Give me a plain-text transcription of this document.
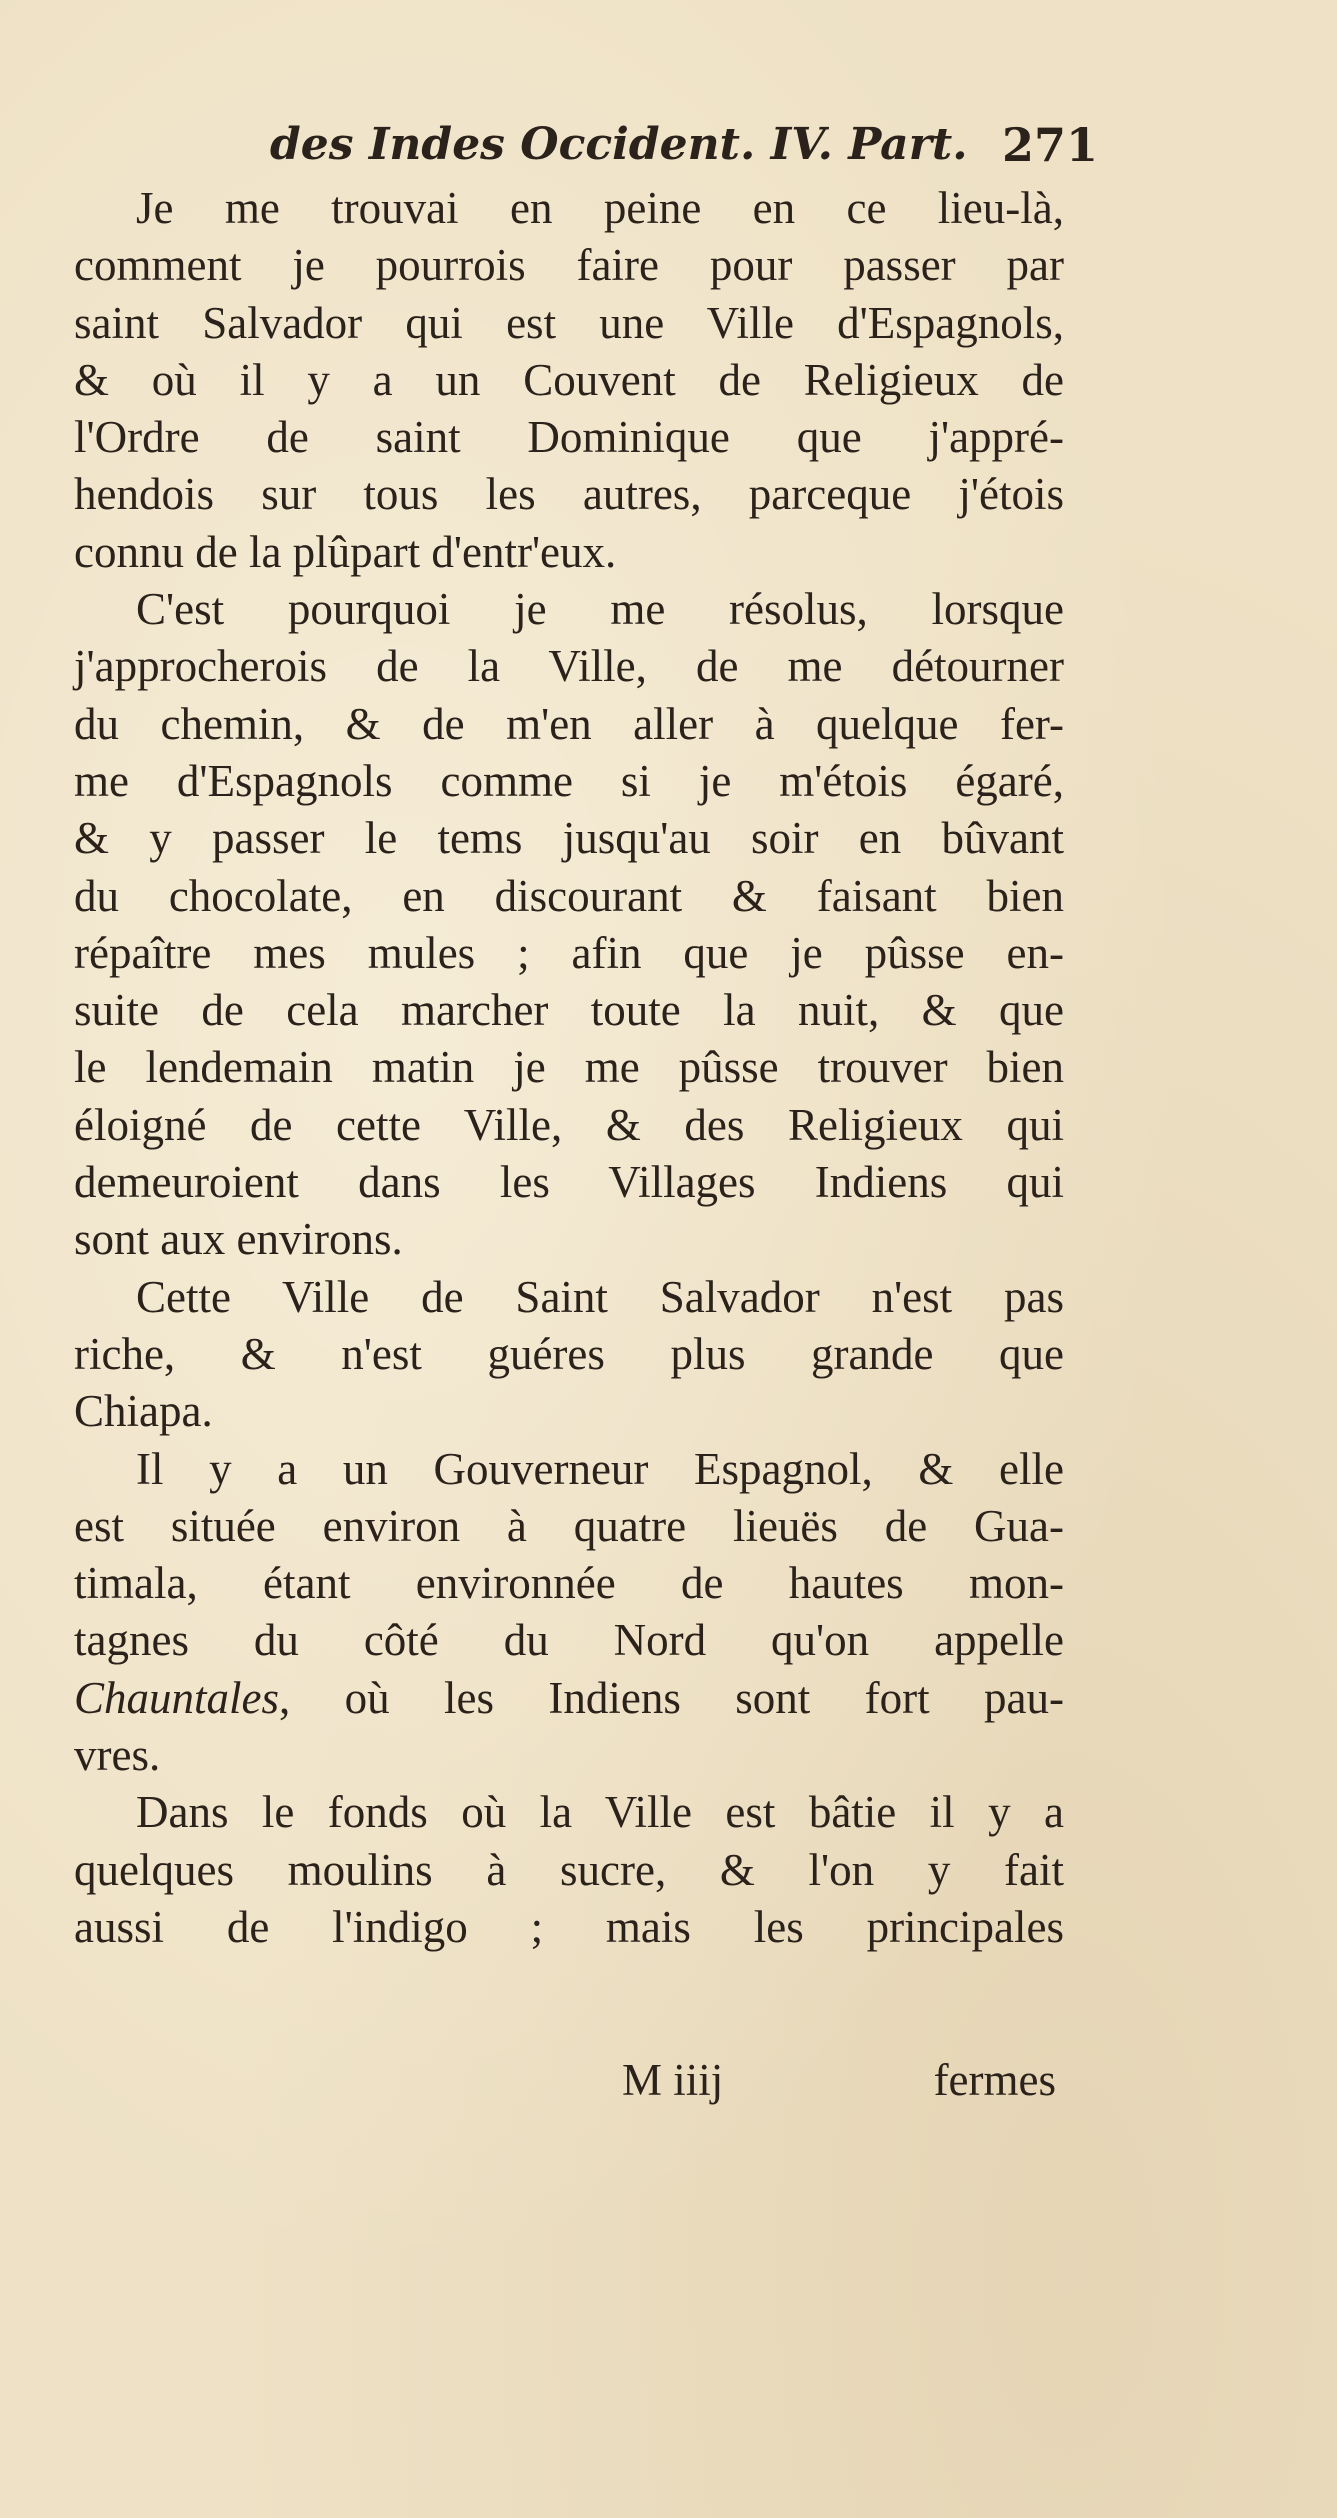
des Indes Occident. IV. Part. 271
Je me trouvai en peine en ce lieu-là,
comment je pourrois faire pour passer par
saint Salvador qui est une Ville d'Espagnols,
& où il y a un Couvent de Religieux de
l'Ordre de saint Dominique que j'appré-
hendois sur tous les autres, parceque j'étois
connu de la plûpart d'entr'eux.
C'est pourquoi je me résolus, lorsque
j'approcherois de la Ville, de me détourner
du chemin, & de m'en aller à quelque fer-
me d'Espagnols comme si je m'étois égaré,
& y passer le tems jusqu'au soir en bûvant
du chocolate, en discourant & faisant bien
répaître mes mules ; afin que je pûsse en-
suite de cela marcher toute la nuit, & que
le lendemain matin je me pûsse trouver bien
éloigné de cette Ville, & des Religieux qui
demeuroient dans les Villages Indiens qui
sont aux environs.
Cette Ville de Saint Salvador n'est pas
riche, & n'est guéres plus grande que
Chiapa.
Il y a un Gouverneur Espagnol, & elle
est située environ à quatre lieuës de Gua-
timala, étant environnée de hautes mon-
tagnes du côté du Nord qu'on appelle
Chauntales, où les Indiens sont fort pau-
vres.
Dans le fonds où la Ville est bâtie il y a
quelques moulins à sucre, & l'on y fait
aussi de l'indigo ; mais les principales
M iiij	fermes
